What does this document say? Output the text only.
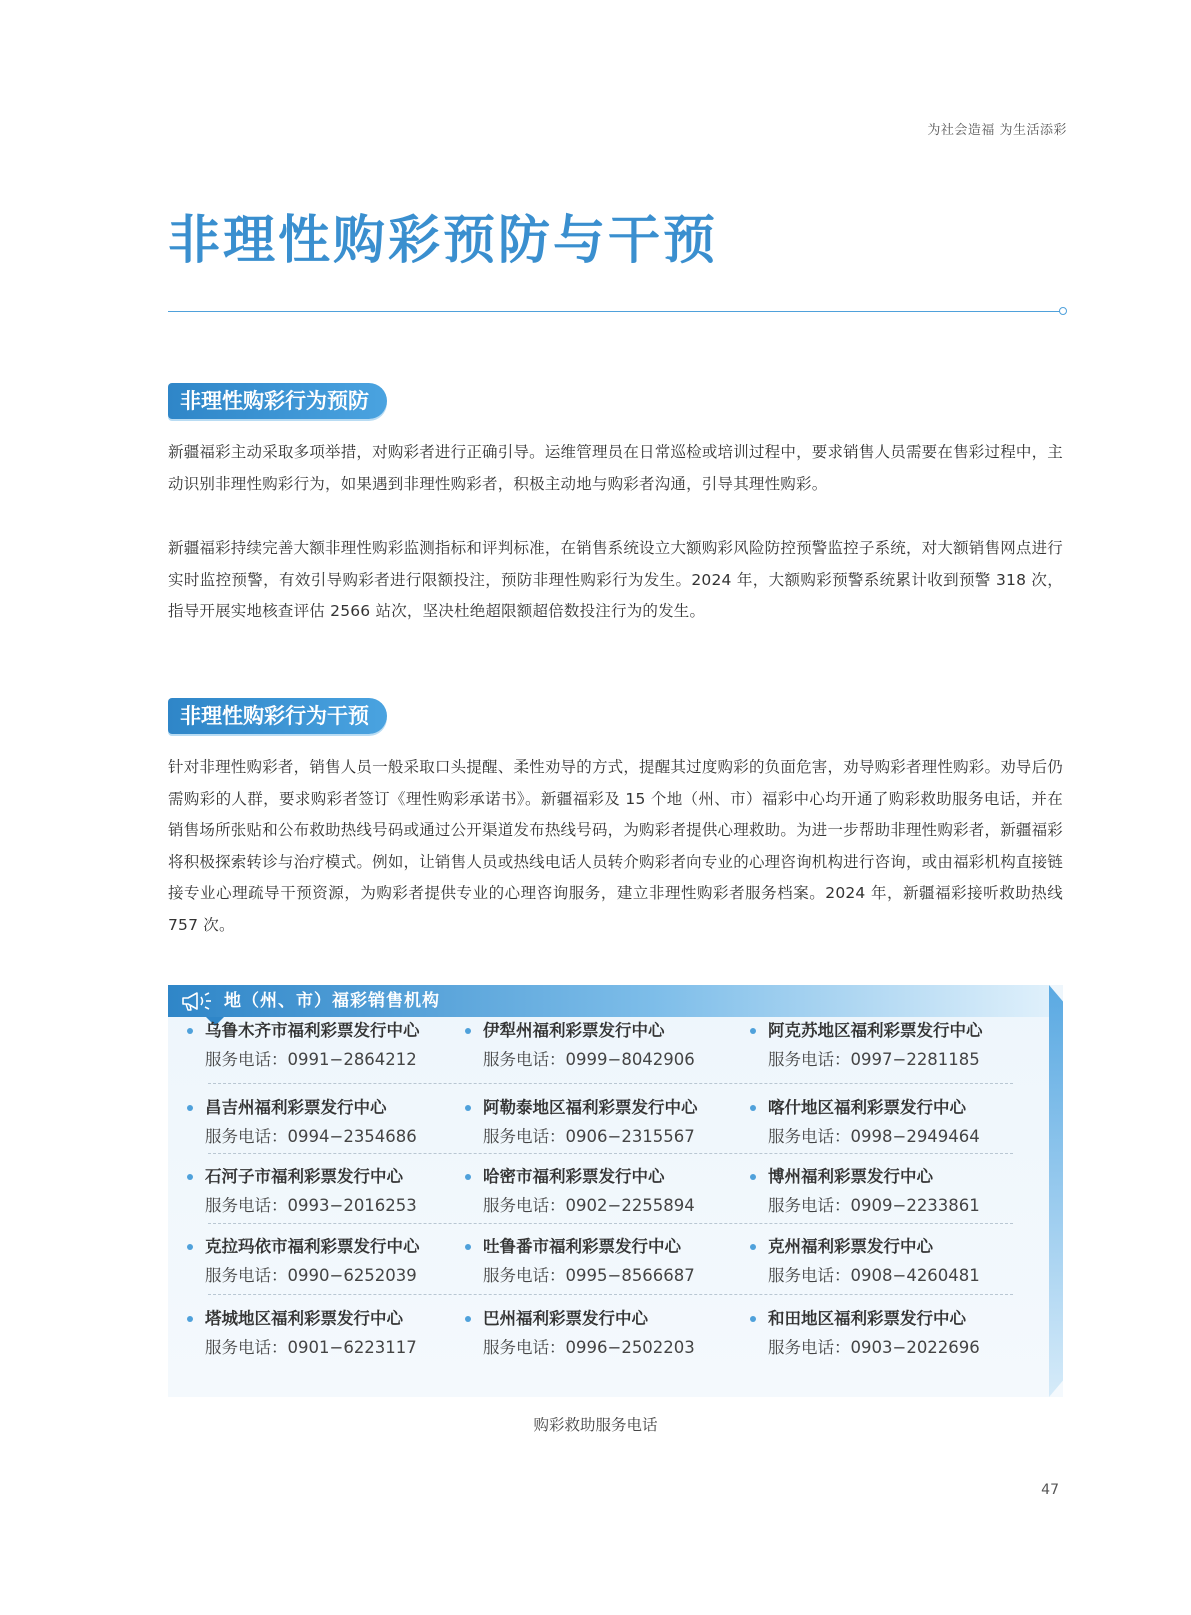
为社会造福 为生活添彩
非理性购彩预防与干预
非理性购彩行为预防

新疆福彩主动采取多项举措，对购彩者进行正确引导。运维管理员在日常巡检或培训过程中，要求销售人员需要在售彩过程中，主动识别非理性购彩行为，如果遇到非理性购彩者，积极主动地与购彩者沟通，引导其理性购彩。

新疆福彩持续完善大额非理性购彩监测指标和评判标准，在销售系统设立大额购彩风险防控预警监控子系统，对大额销售网点进行实时监控预警，有效引导购彩者进行限额投注，预防非理性购彩行为发生。2024 年，大额购彩预警系统累计收到预警 318 次，指导开展实地核查评估 2566 站次，坚决杜绝超限额超倍数投注行为的发生。

非理性购彩行为干预

针对非理性购彩者，销售人员一般采取口头提醒、柔性劝导的方式，提醒其过度购彩的负面危害，劝导购彩者理性购彩。劝导后仍需购彩的人群，要求购彩者签订《理性购彩承诺书》。新疆福彩及 15 个地（州、市）福彩中心均开通了购彩救助服务电话，并在销售场所张贴和公布救助热线号码或通过公开渠道发布热线号码，为购彩者提供心理救助。为进一步帮助非理性购彩者，新疆福彩将积极探索转诊与治疗模式。例如，让销售人员或热线电话人员转介购彩者向专业的心理咨询机构进行咨询，或由福彩机构直接链接专业心理疏导干预资源，为购彩者提供专业的心理咨询服务，建立非理性购彩者服务档案。2024 年，新疆福彩接听救助热线 757 次。

地（州、市）福彩销售机构
乌鲁木齐市福利彩票发行中心
服务电话：0991−2864212
伊犁州福利彩票发行中心
服务电话：0999−8042906
阿克苏地区福利彩票发行中心
服务电话：0997−2281185
昌吉州福利彩票发行中心
服务电话：0994−2354686
阿勒泰地区福利彩票发行中心
服务电话：0906−2315567
喀什地区福利彩票发行中心
服务电话：0998−2949464
石河子市福利彩票发行中心
服务电话：0993−2016253
哈密市福利彩票发行中心
服务电话：0902−2255894
博州福利彩票发行中心
服务电话：0909−2233861
克拉玛依市福利彩票发行中心
服务电话：0990−6252039
吐鲁番市福利彩票发行中心
服务电话：0995−8566687
克州福利彩票发行中心
服务电话：0908−4260481
塔城地区福利彩票发行中心
服务电话：0901−6223117
巴州福利彩票发行中心
服务电话：0996−2502203
和田地区福利彩票发行中心
服务电话：0903−2022696
购彩救助服务电话
47
